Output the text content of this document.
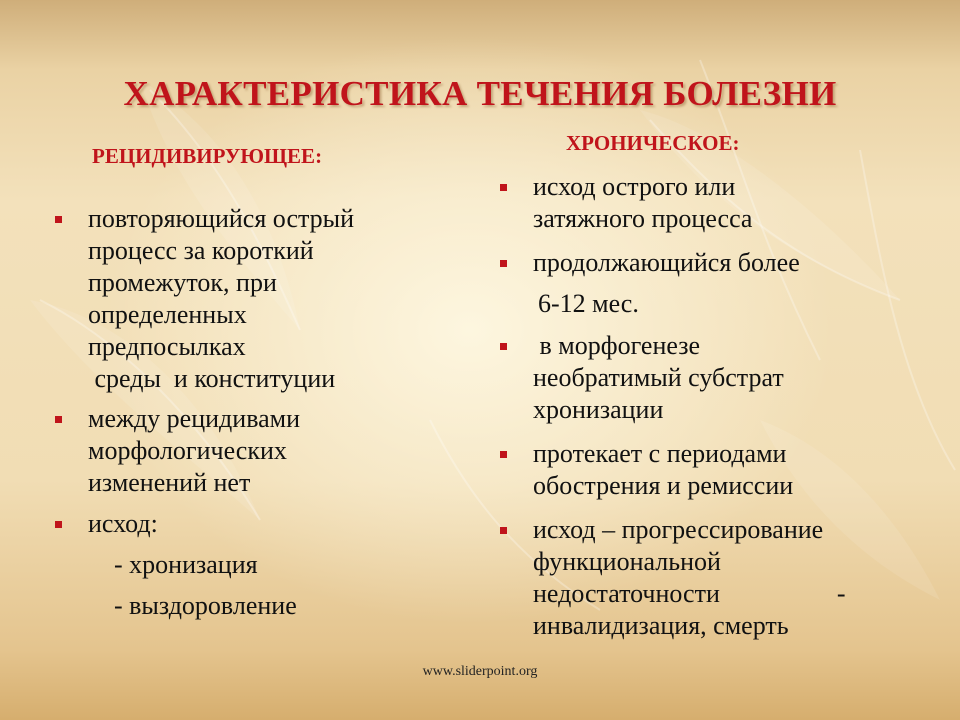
ХАРАКТЕРИСТИКА ТЕЧЕНИЯ БОЛЕЗНИ
РЕЦИДИВИРУЮЩЕЕ:
ХРОНИЧЕСКОЕ:
повторяющийся острый
процесс за короткий
промежуток, при
определенных
предпосылках
среды  и конституции
между рецидивами
морфологических
изменений нет
исход:
- хронизация
- выздоровление
исход острого или
затяжного процесса
продолжающийся более
6-12 мес.
в морфогенезе
необратимый субстрат
хронизации
протекает с периодами
обострения и ремиссии
исход – прогрессирование
функциональной
недостаточности                  -
инвалидизация, смерть
www.sliderpoint.org
